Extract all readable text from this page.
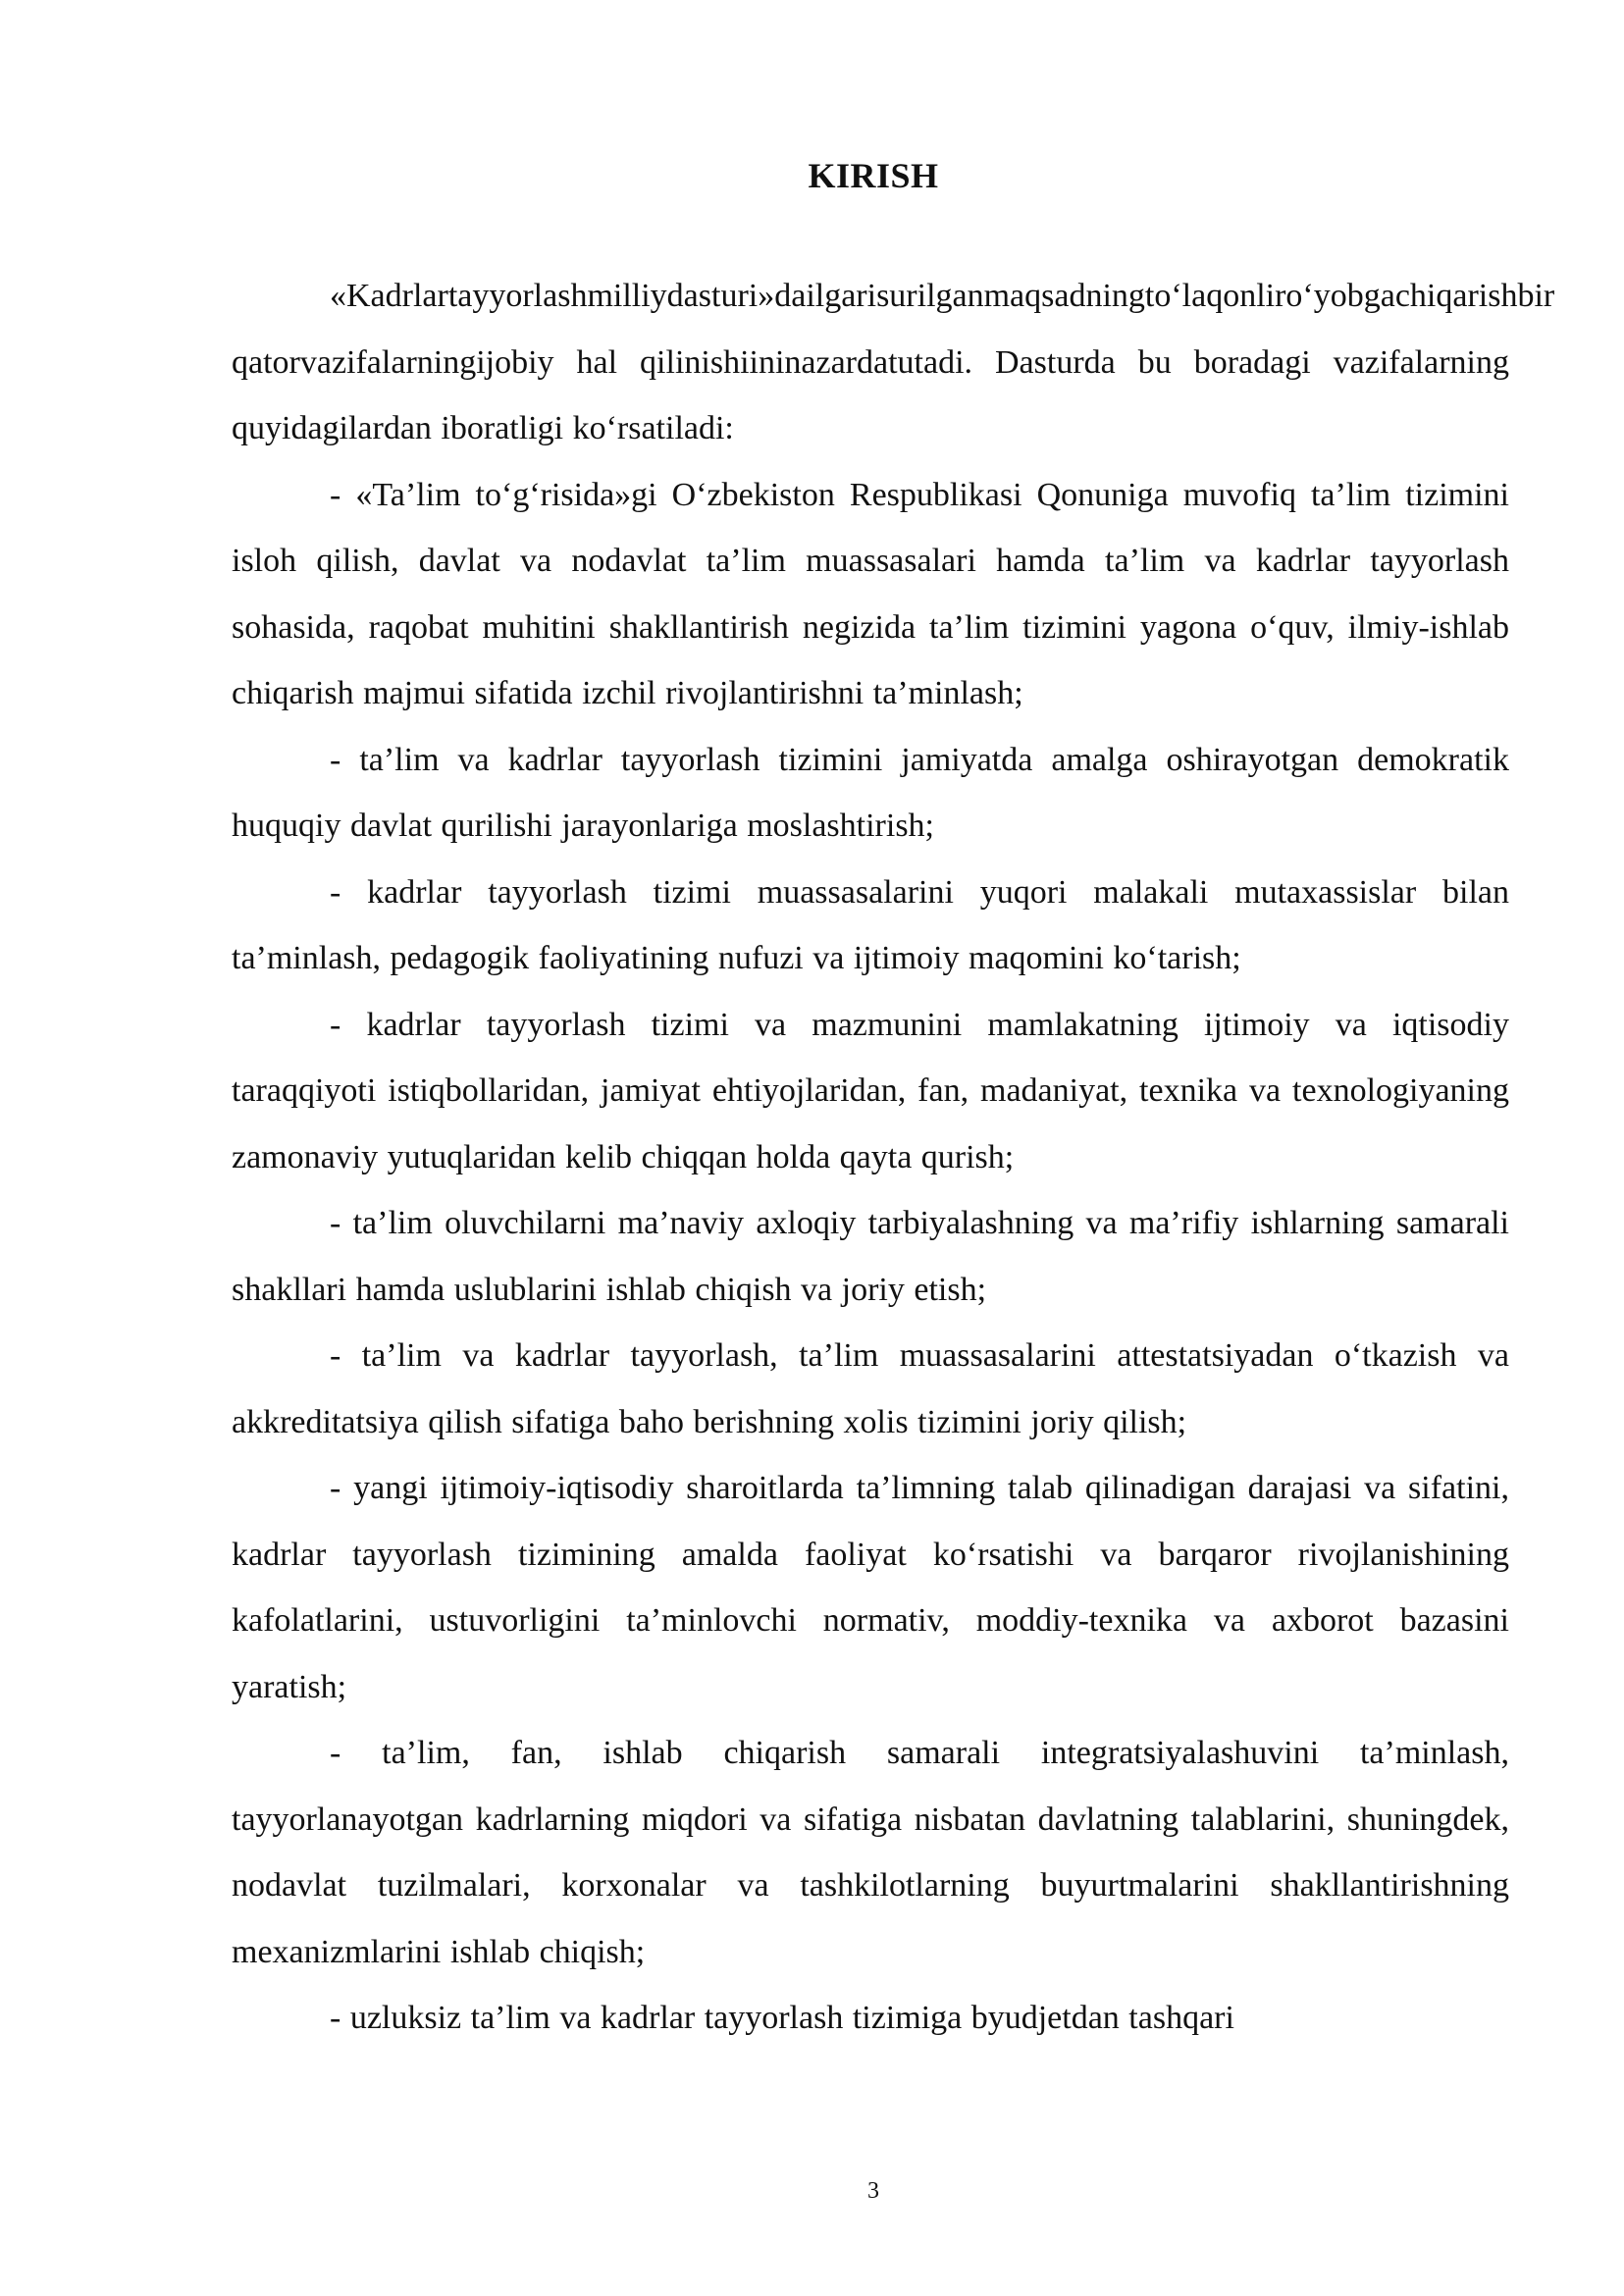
KIRISH

«Kadrlartayyorlashmilliydasturi»dailgarisurilganmaqsadningto‘laqonliro‘yobgachiqarishbir qatorvazifalarningijobiy hal qilinishiininazardatutadi. Dasturda bu boradagi vazifalarning quyidagilardan iboratligi ko‘rsatiladi:

- «Ta’lim to‘g‘risida»gi O‘zbekiston Respublikasi Qonuniga muvofiq ta’lim tizimini isloh qilish, davlat va nodavlat ta’lim muassasalari hamda ta’lim va kadrlar tayyorlash sohasida, raqobat muhitini shakllantirish negizida ta’lim tizimini yagona o‘quv, ilmiy-ishlab chiqarish majmui sifatida izchil rivojlantirishni ta’minlash;

- ta’lim va kadrlar tayyorlash tizimini jamiyatda amalga oshirayotgan demokratik huquqiy davlat qurilishi jarayonlariga moslashtirish;

- kadrlar tayyorlash tizimi muassasalarini yuqori malakali mutaxassislar bilan ta’minlash, pedagogik faoliyatining nufuzi va ijtimoiy maqomini ko‘tarish;

- kadrlar tayyorlash tizimi va mazmunini mamlakatning ijtimoiy va iqtisodiy taraqqiyoti istiqbollaridan, jamiyat ehtiyojlaridan, fan, madaniyat, texnika va texnologiyaning zamonaviy yutuqlaridan kelib chiqqan holda qayta qurish;

- ta’lim oluvchilarni ma’naviy axloqiy tarbiyalashning va ma’rifiy ishlarning samarali shakllari hamda uslublarini ishlab chiqish va joriy etish;

- ta’lim va kadrlar tayyorlash, ta’lim muassasalarini attestatsiyadan o‘tkazish va akkreditatsiya qilish sifatiga baho berishning xolis tizimini joriy qilish;

- yangi ijtimoiy-iqtisodiy sharoitlarda ta’limning talab qilinadigan darajasi va sifatini, kadrlar tayyorlash tizimining amalda faoliyat ko‘rsatishi va barqaror rivojlanishining kafolatlarini, ustuvorligini ta’minlovchi normativ, moddiy-texnika va axborot bazasini yaratish;

- ta’lim, fan, ishlab chiqarish samarali integratsiyalashuvini ta’minlash, tayyorlanayotgan kadrlarning miqdori va sifatiga nisbatan davlatning talablarini, shuningdek, nodavlat tuzilmalari, korxonalar va tashkilotlarning buyurtmalarini shakllantirishning mexanizmlarini ishlab chiqish;

- uzluksiz ta’lim va kadrlar tayyorlash tizimiga byudjetdan tashqari

3
